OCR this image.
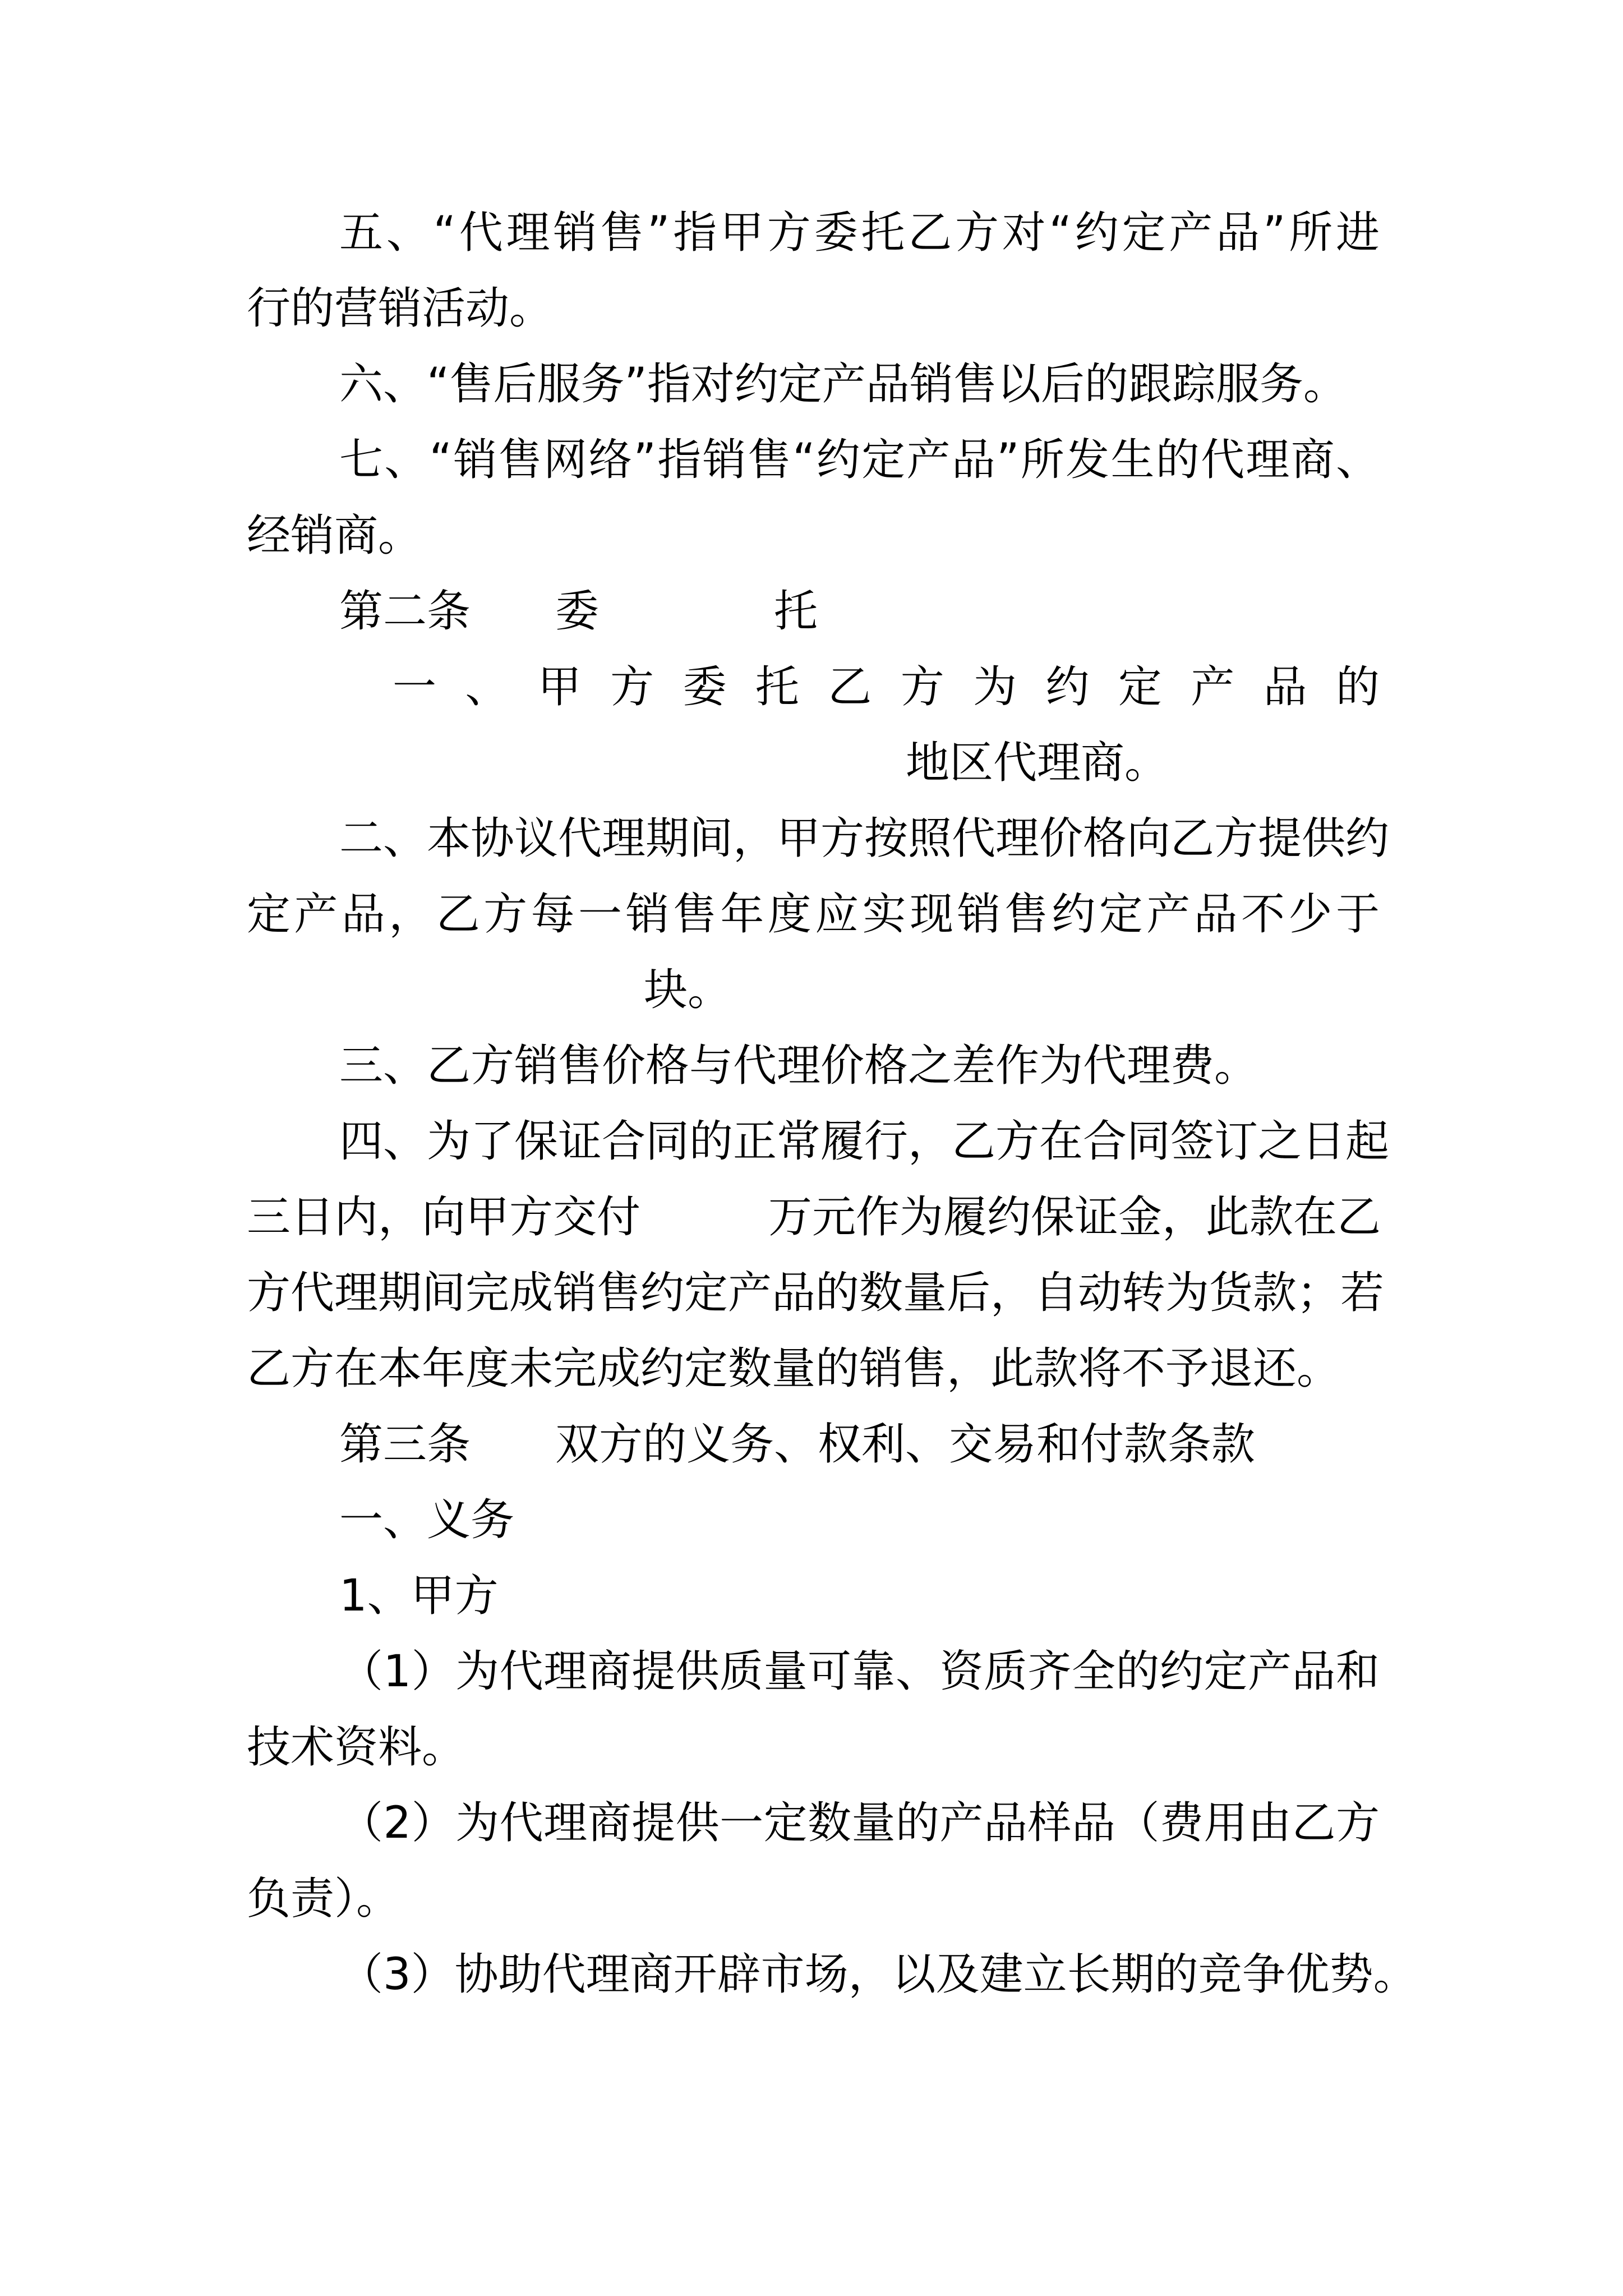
五、“代理销售”指甲方委托乙方对“约定产品”所进
行的营销活动。
六、“售后服务”指对约定产品销售以后的跟踪服务。
七、“销售网络”指销售“约定产品”所发生的代理商、
经销商。
第二条 委	托
一 、 甲 方 委 托 乙 方 为 约 定 产 品 的
地区代理商。
二、本协议代理期间，甲方按照代理价格向乙方提供约
定产品，乙方每一销售年度应实现销售约定产品不少于
块。
三、乙方销售价格与代理价格之差作为代理费。
四、为了保证合同的正常履行，乙方在合同签订之日起
三日内，向甲方交付	万元作为履约保证金，此款在乙
方代理期间完成销售约定产品的数量后，自动转为货款；若
乙方在本年度未完成约定数量的销售，此款将不予退还。
第三条 双方的义务、权利、交易和付款条款
一、义务
1、甲方
（1）为代理商提供质量可靠、资质齐全的约定产品和
技术资料。
（2）为代理商提供一定数量的产品样品（费用由乙方
负责）。
（3）协助代理商开辟市场，以及建立长期的竞争优势。
